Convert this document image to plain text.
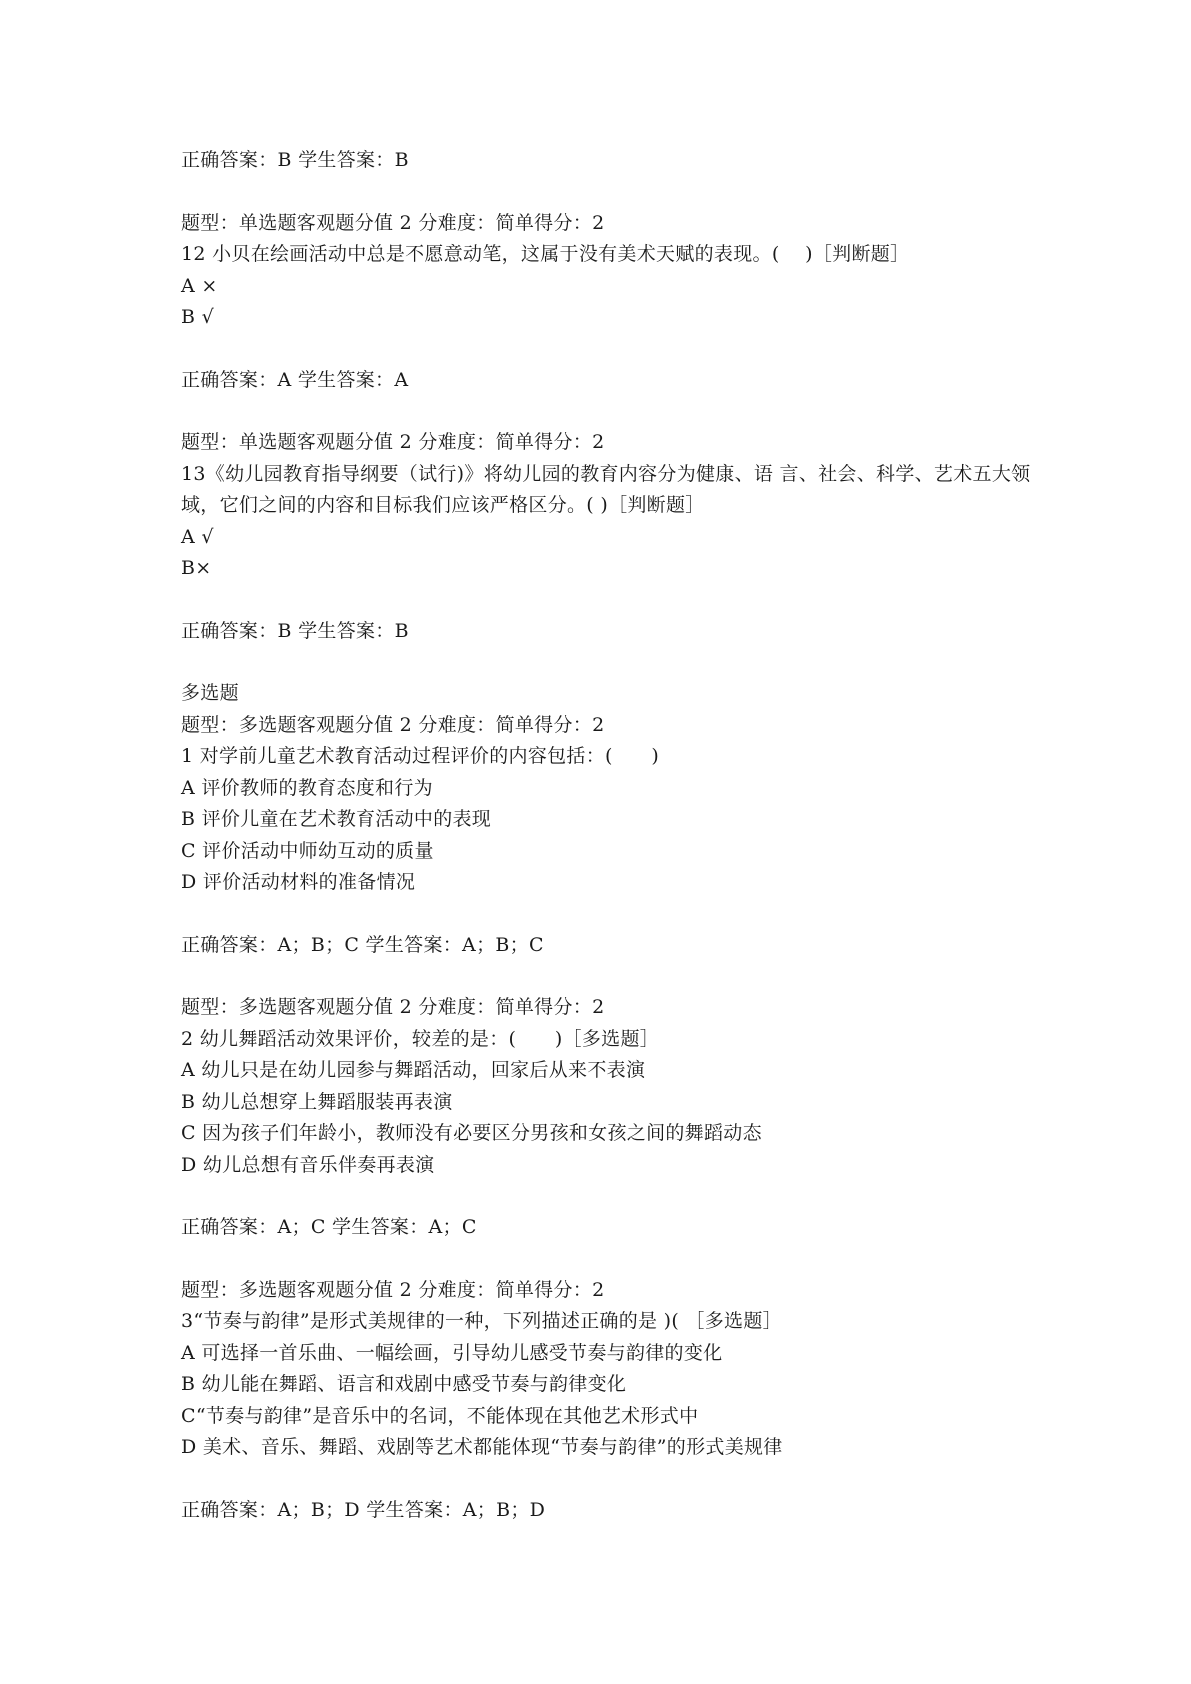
正确答案：B 学生答案：B
题型：单选题客观题分值 2 分难度：简单得分：2
12 小贝在绘画活动中总是不愿意动笔，这属于没有美术天赋的表现。(　 )［判断题］
A ×
B √
正确答案：A 学生答案：A
题型：单选题客观题分值 2 分难度：简单得分：2
13《幼儿园教育指导纲要（试行)》将幼儿园的教育内容分为健康、语 言、社会、科学、艺术五大领域，它们之间的内容和目标我们应该严格区分。( )［判断题］
A √
B×
正确答案：B 学生答案：B
多选题
题型：多选题客观题分值 2 分难度：简单得分：2
1 对学前儿童艺术教育活动过程评价的内容包括：(　　)
A 评价教师的教育态度和行为
B 评价儿童在艺术教育活动中的表现
C 评价活动中师幼互动的质量
D 评价活动材料的准备情况
正确答案：A；B；C 学生答案：A；B；C
题型：多选题客观题分值 2 分难度：简单得分：2
2 幼儿舞蹈活动效果评价，较差的是：(　　)［多选题］
A 幼儿只是在幼儿园参与舞蹈活动，回家后从来不表演
B 幼儿总想穿上舞蹈服装再表演
C 因为孩子们年龄小，教师没有必要区分男孩和女孩之间的舞蹈动态
D 幼儿总想有音乐伴奏再表演
正确答案：A；C 学生答案：A；C
题型：多选题客观题分值 2 分难度：简单得分：2
3“节奏与韵律”是形式美规律的一种，下列描述正确的是 )( ［多选题］
A 可选择一首乐曲、一幅绘画，引导幼儿感受节奏与韵律的变化
B 幼儿能在舞蹈、语言和戏剧中感受节奏与韵律变化
C“节奏与韵律”是音乐中的名词，不能体现在其他艺术形式中
D 美术、音乐、舞蹈、戏剧等艺术都能体现“节奏与韵律”的形式美规律
正确答案：A；B；D 学生答案：A；B；D
